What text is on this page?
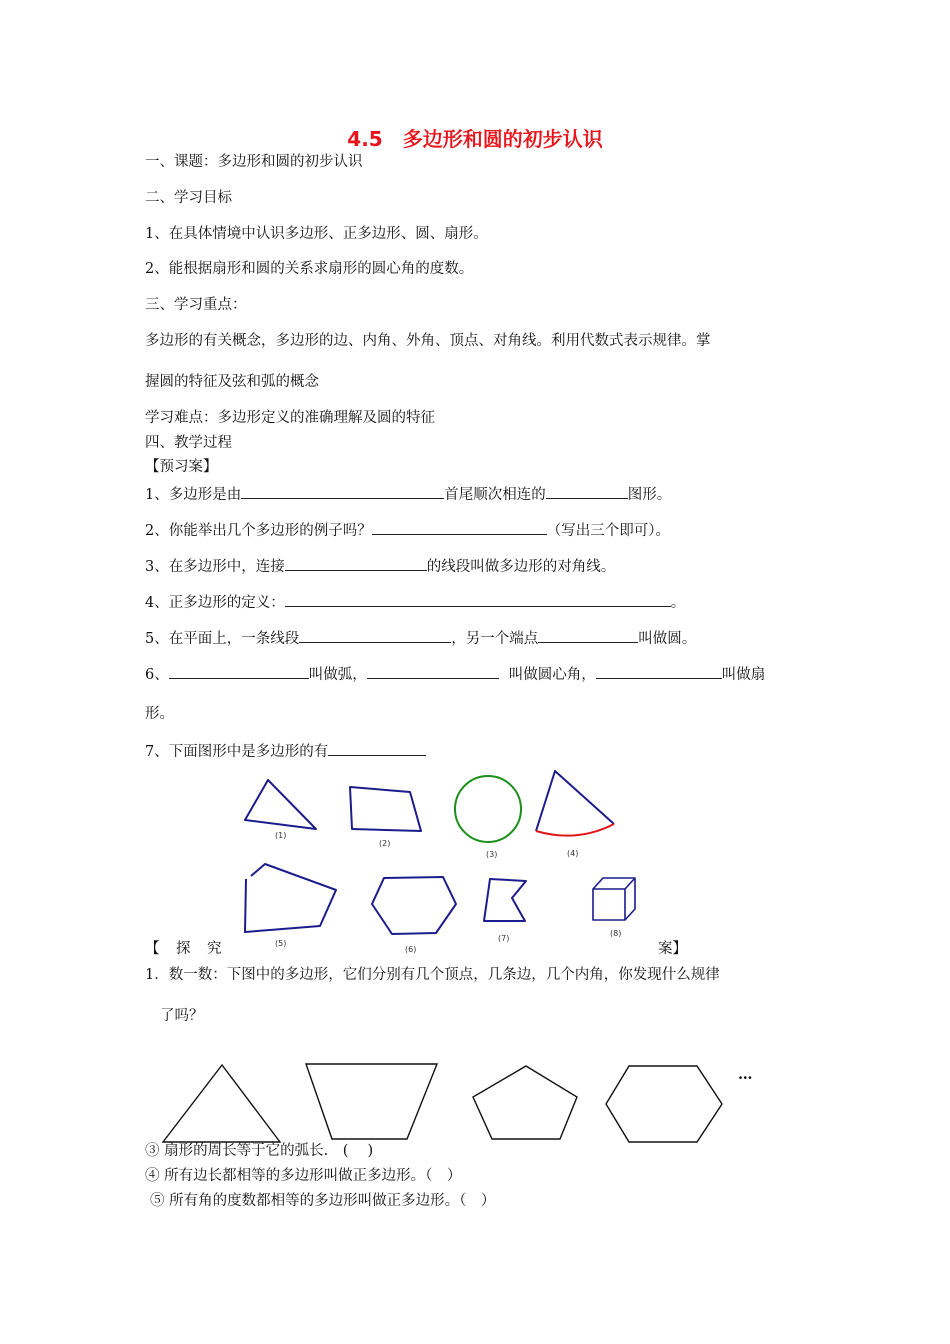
4.5　多边形和圆的初步认识
一、课题：多边形和圆的初步认识
二、学习目标
1、在具体情境中认识多边形、正多边形、圆、扇形。
2、能根据扇形和圆的关系求扇形的圆心角的度数。
三、学习重点：
多边形的有关概念，多边形的边、内角、外角、顶点、对角线。利用代数式表示规律。掌
握圆的特征及弦和弧的概念
学习难点：多边形定义的准确理解及圆的特征
四、教学过程
【预习案】
1、多边形是由	首尾顺次相连的	图形。
2、你能举出几个多边形的例子吗？	（写出三个即可）。
3、在多边形中，连接	的线段叫做多边形的对角线。
4、正多边形的定义：	。
5、在平面上，一条线段	，另一个端点	叫做圆。
6、	叫做弧，	叫做圆心角，	叫做扇
形。
7、下面图形中是多边形的有
(1)
(2)
(3)	(4)
(5)
(6)
(7)
(8)
【 探 究	案】
1．数一数：下图中的多边形，它们分别有几个顶点，几条边，几个内角，你发现什么规律
了吗？
…
③ 扇形的周长等于它的弧长.　( 　)
④ 所有边长都相等的多边形叫做正多边形。（　）
⑤ 所有角的度数都相等的多边形叫做正多边形。（　）
